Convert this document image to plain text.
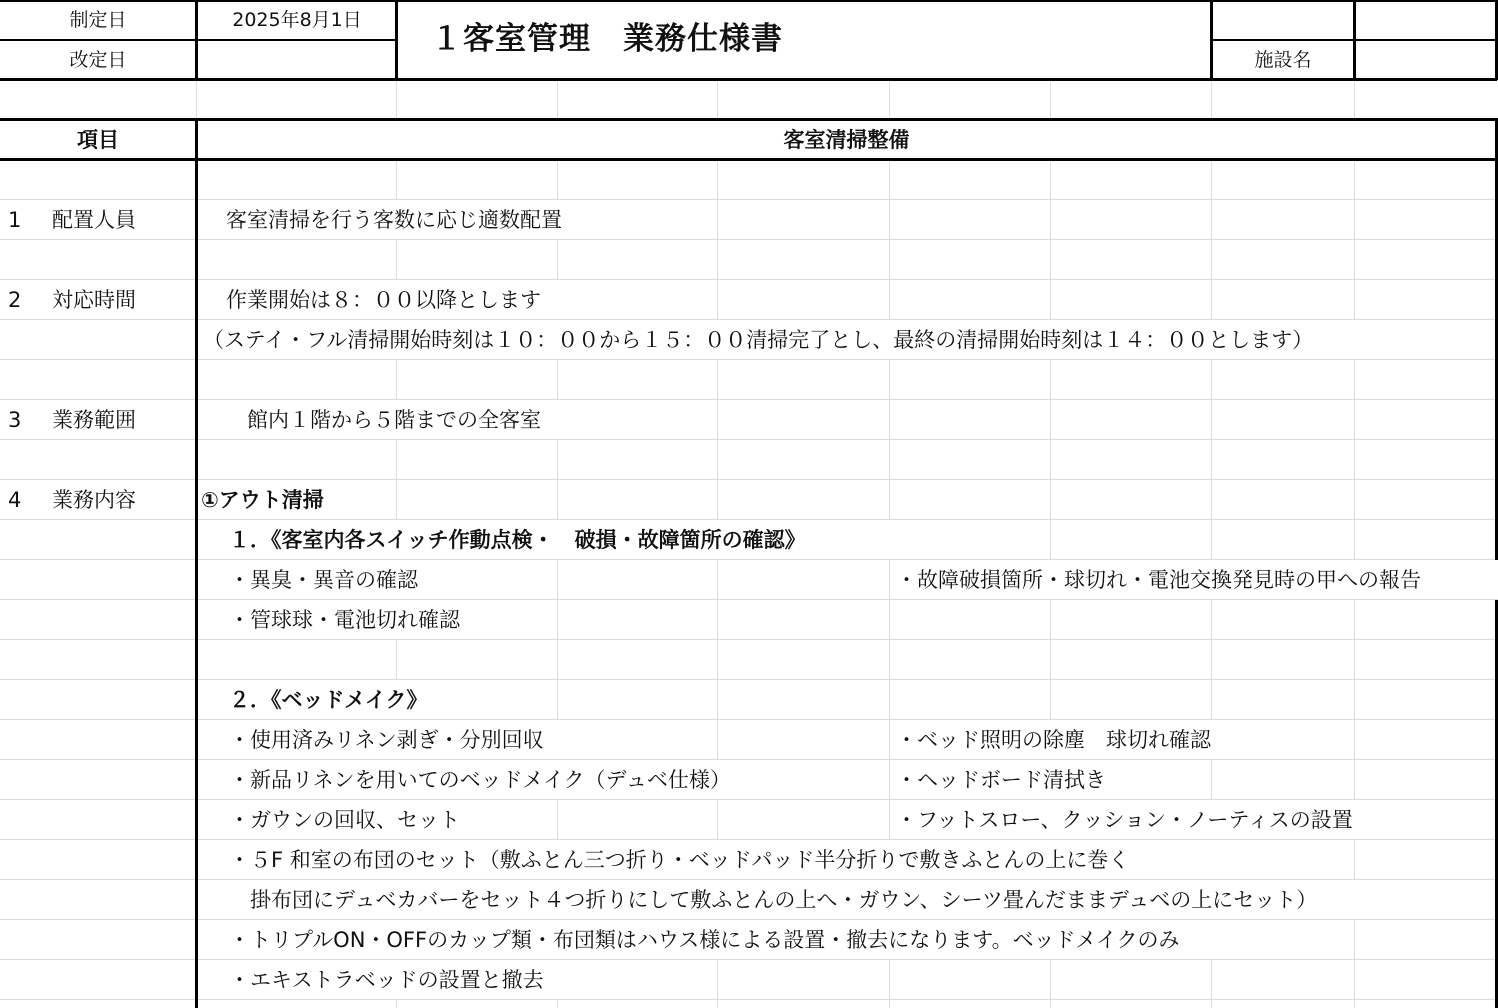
制定日	2025年8月1日
改定日
１客室管理　業務仕様書
施設名
項目	客室清掃整備
1	配置人員	　客室清掃を行う客数に応じ適数配置
2	対応時間	　作業開始は８：００以降とします
（ステイ・フル清掃開始時刻は１０：００から１５：００清掃完了とし、最終の清掃開始時刻は１４：００とします）
3	業務範囲	　　館内１階から５階までの全客室
4	業務内容	①アウト清掃
１．《客室内各スイッチ作動点検・　破損・故障箇所の確認》
・異臭・異音の確認	・故障破損箇所・球切れ・電池交換発見時の甲への報告
・管球球・電池切れ確認
２．《ベッドメイク》
・使用済みリネン剥ぎ・分別回収	・ベッド照明の除塵　球切れ確認
・新品リネンを用いてのベッドメイク（デュベ仕様）	・ヘッドボード清拭き
・ガウンの回収、セット	・フットスロー、クッション・ノーティスの設置
・５F 和室の布団のセット（敷ふとん三つ折り・ベッドパッド半分折りで敷きふとんの上に巻く
　掛布団にデュベカバーをセット４つ折りにして敷ふとんの上へ・ガウン、シーツ畳んだままデュベの上にセット）
・トリプルON・OFFのカップ類・布団類はハウス様による設置・撤去になります。ベッドメイクのみ
・エキストラベッドの設置と撤去
